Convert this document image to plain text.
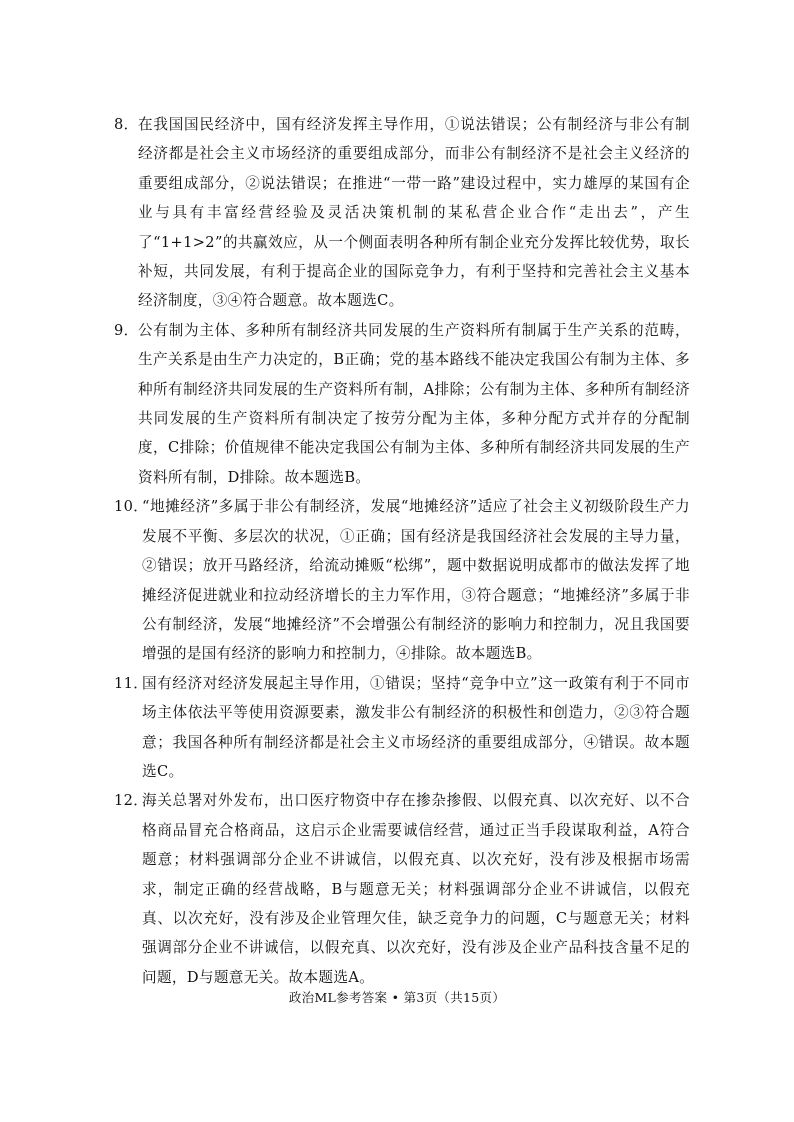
8． 在我国国民经济中，国有经济发挥主导作用，①说法错误；公有制经济与非公有制经济都是社会主义市场经济的重要组成部分，而非公有制经济不是社会主义经济的重要组成部分，②说法错误；在推进“一带一路”建设过程中，实力雄厚的某国有企业与具有丰富经营经验及灵活决策机制的某私营企业合作“走出去”，产生了“1+1>2”的共赢效应，从一个侧面表明各种所有制企业充分发挥比较优势，取长补短，共同发展，有利于提高企业的国际竞争力，有利于坚持和完善社会主义基本经济制度，③④符合题意。故本题选C。
9． 公有制为主体、多种所有制经济共同发展的生产资料所有制属于生产关系的范畴，生产关系是由生产力决定的，B正确；党的基本路线不能决定我国公有制为主体、多种所有制经济共同发展的生产资料所有制，A排除；公有制为主体、多种所有制经济共同发展的生产资料所有制决定了按劳分配为主体，多种分配方式并存的分配制度，C排除；价值规律不能决定我国公有制为主体、多种所有制经济共同发展的生产资料所有制，D排除。故本题选B。
10．
“地摊经济”多属于非公有制经济，发展“地摊经济”适应了社会主义初级阶段生产力发展不平衡、多层次的状况，①正确；国有经济是我国经济社会发展的主导力量，②错误；放开马路经济，给流动摊贩“松绑”，题中数据说明成都市的做法发挥了地摊经济促进就业和拉动经济增长的主力军作用，③符合题意；“地摊经济”多属于非公有制经济，发展“地摊经济”不会增强公有制经济的影响力和控制力，况且我国要增强的是国有经济的影响力和控制力，④排除。故本题选B。
11．
国有经济对经济发展起主导作用，①错误；坚持“竞争中立”这一政策有利于不同市场主体依法平等使用资源要素，激发非公有制经济的积极性和创造力，②③符合题意；我国各种所有制经济都是社会主义市场经济的重要组成部分，④错误。故本题选C。
12．
海关总署对外发布，出口医疗物资中存在掺杂掺假、以假充真、以次充好、以不合格商品冒充合格商品，这启示企业需要诚信经营，通过正当手段谋取利益，A符合题意；材料强调部分企业不讲诚信，以假充真、以次充好，没有涉及根据市场需求，制定正确的经营战略，B与题意无关；材料强调部分企业不讲诚信，以假充真、以次充好，没有涉及企业管理欠佳，缺乏竞争力的问题，C与题意无关；材料强调部分企业不讲诚信，以假充真、以次充好，没有涉及企业产品科技含量不足的问题，D与题意无关。故本题选A。
政治ML参考答案 • 第3页（共15页）
